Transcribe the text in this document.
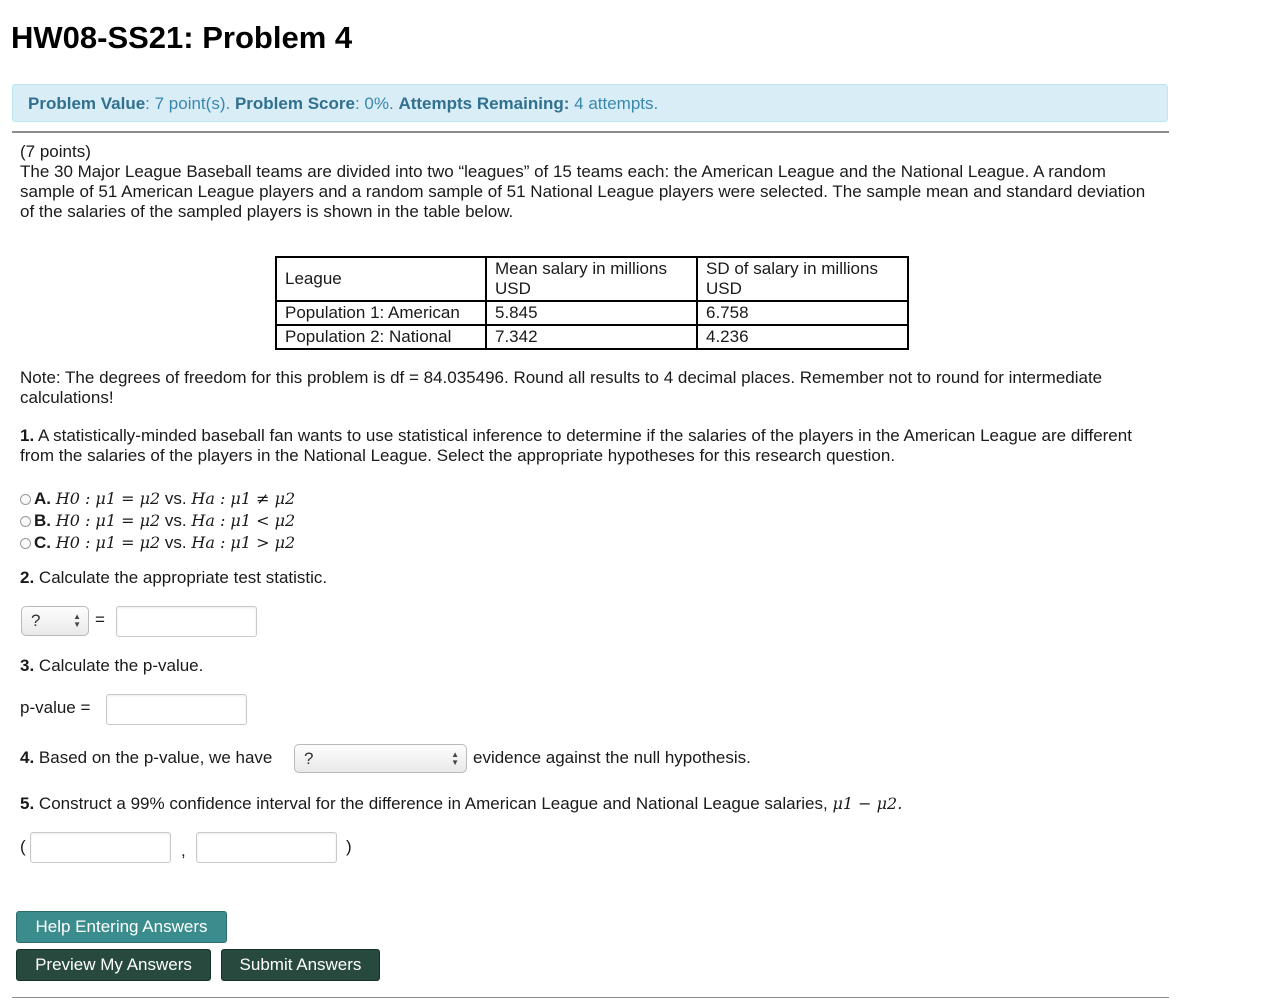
HW08-SS21: Problem 4
Problem Value: 7 point(s). Problem Score: 0%. Attempts Remaining: 4 attempts.

(7 points)

The 30 Major League Baseball teams are divided into two “leagues” of 15 teams each: the American League and the National League. A random sample of 51 American League players and a random sample of 51 National League players were selected. The sample mean and standard deviation of the salaries of the sampled players is shown in the table below.

League	Mean salary in millions USD	SD of salary in millions USD
Population 1: American	5.845	6.758
Population 2: National	7.342	4.236
Note: The degrees of freedom for this problem is df = 84.035496. Round all results to 4 decimal places. Remember not to round for intermediate calculations!
1. A statistically-minded baseball fan wants to use statistical inference to determine if the salaries of the players in the American League are different from the salaries of the players in the National League. Select the appropriate hypotheses for this research question.
A.
H0 : μ1 = μ2
vs.
Ha : μ1 ≠ μ2
B.
H0 : μ1 = μ2
vs.
Ha : μ1 < μ2
C.
H0 : μ1 = μ2
vs.
Ha : μ1 > μ2
2. Calculate the appropriate test statistic.
?	▲
▼ =
3. Calculate the p-value.
p-value =
4. Based on the p-value, we have	?	▲
▼ evidence against the null hypothesis.
5. Construct a 99% confidence interval for the difference in American League and National League salaries, μ1 − μ2.
(	,	)
Help Entering Answers
Preview My Answers	Submit Answers
